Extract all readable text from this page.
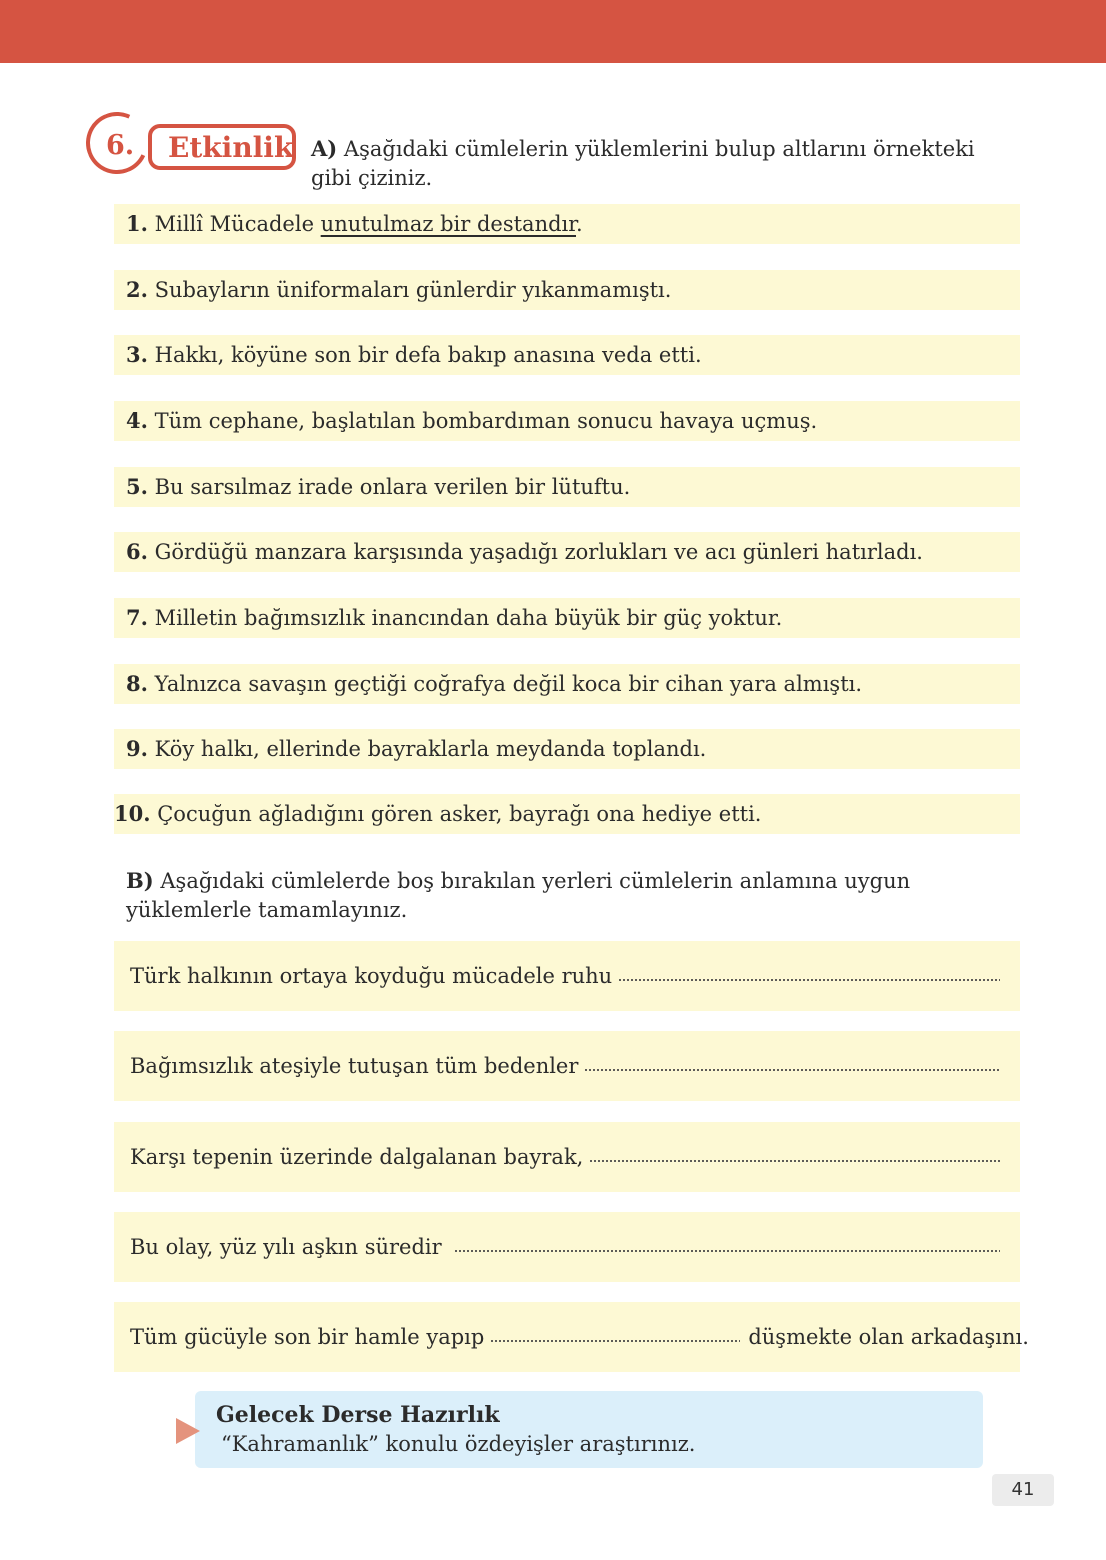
6. Etkinlik A) Aşağıdaki cümlelerin yüklemlerini bulup altlarını örnekteki gibi çiziniz.
1. Millî Mücadele unutulmaz bir destandır.
2. Subayların üniformaları günlerdir yıkanmamıştı.
3. Hakkı, köyüne son bir defa bakıp anasına veda etti.
4. Tüm cephane, başlatılan bombardıman sonucu havaya uçmuş.
5. Bu sarsılmaz irade onlara verilen bir lütuftu.
6. Gördüğü manzara karşısında yaşadığı zorlukları ve acı günleri hatırladı.
7. Milletin bağımsızlık inancından daha büyük bir güç yoktur.
8. Yalnızca savaşın geçtiği coğrafya değil koca bir cihan yara almıştı.
9. Köy halkı, ellerinde bayraklarla meydanda toplandı.
10. Çocuğun ağladığını gören asker, bayrağı ona hediye etti.
B) Aşağıdaki cümlelerde boş bırakılan yerleri cümlelerin anlamına uygun yüklemlerle tamamlayınız.
Türk halkının ortaya koyduğu mücadele ruhu
Bağımsızlık ateşiyle tutuşan tüm bedenler
Karşı tepenin üzerinde dalgalanan bayrak,
Bu olay, yüz yılı aşkın süredir
Tüm gücüyle son bir hamle yapıp	düşmekte olan arkadaşını.
Gelecek Derse Hazırlık
“Kahramanlık” konulu özdeyişler araştırınız.
41
